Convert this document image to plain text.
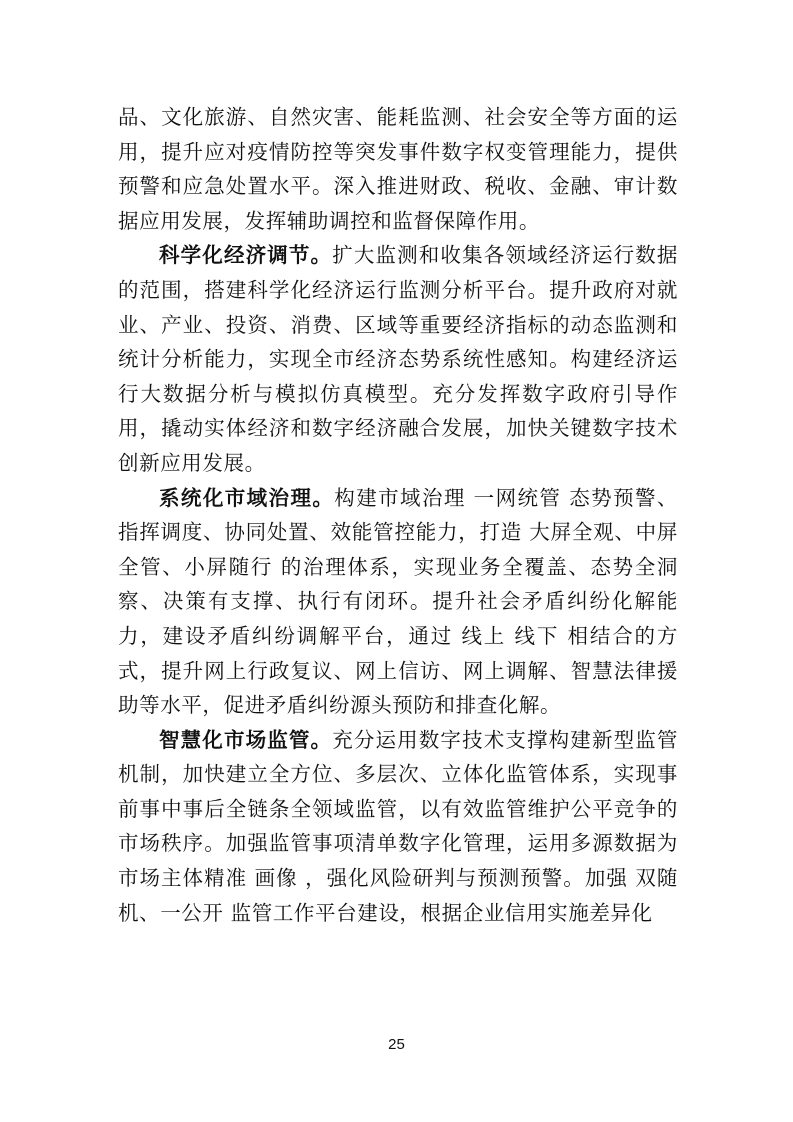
品、文化旅游、自然灾害、能耗监测、社会安全等方面的运用，提升应对疫情防控等突发事件数字权变管理能力，提供预警和应急处置水平。深入推进财政、税收、金融、审计数据应用发展，发挥辅助调控和监督保障作用。

科学化经济调节。扩大监测和收集各领域经济运行数据的范围，搭建科学化经济运行监测分析平台。提升政府对就业、产业、投资、消费、区域等重要经济指标的动态监测和统计分析能力，实现全市经济态势系统性感知。构建经济运行大数据分析与模拟仿真模型。充分发挥数字政府引导作用，撬动实体经济和数字经济融合发展，加快关键数字技术创新应用发展。

系统化市域治理。构建市域治理 一网统管 态势预警、指挥调度、协同处置、效能管控能力，打造 大屏全观、中屏全管、小屏随行 的治理体系，实现业务全覆盖、态势全洞察、决策有支撑、执行有闭环。提升社会矛盾纠纷化解能力，建设矛盾纠纷调解平台，通过 线上 线下 相结合的方式，提升网上行政复议、网上信访、网上调解、智慧法律援助等水平，促进矛盾纠纷源头预防和排查化解。

智慧化市场监管。充分运用数字技术支撑构建新型监管机制，加快建立全方位、多层次、立体化监管体系，实现事前事中事后全链条全领域监管，以有效监管维护公平竞争的市场秩序。加强监管事项清单数字化管理，运用多源数据为市场主体精准 画像 ，强化风险研判与预测预警。加强 双随机、一公开 监管工作平台建设，根据企业信用实施差异化

25
